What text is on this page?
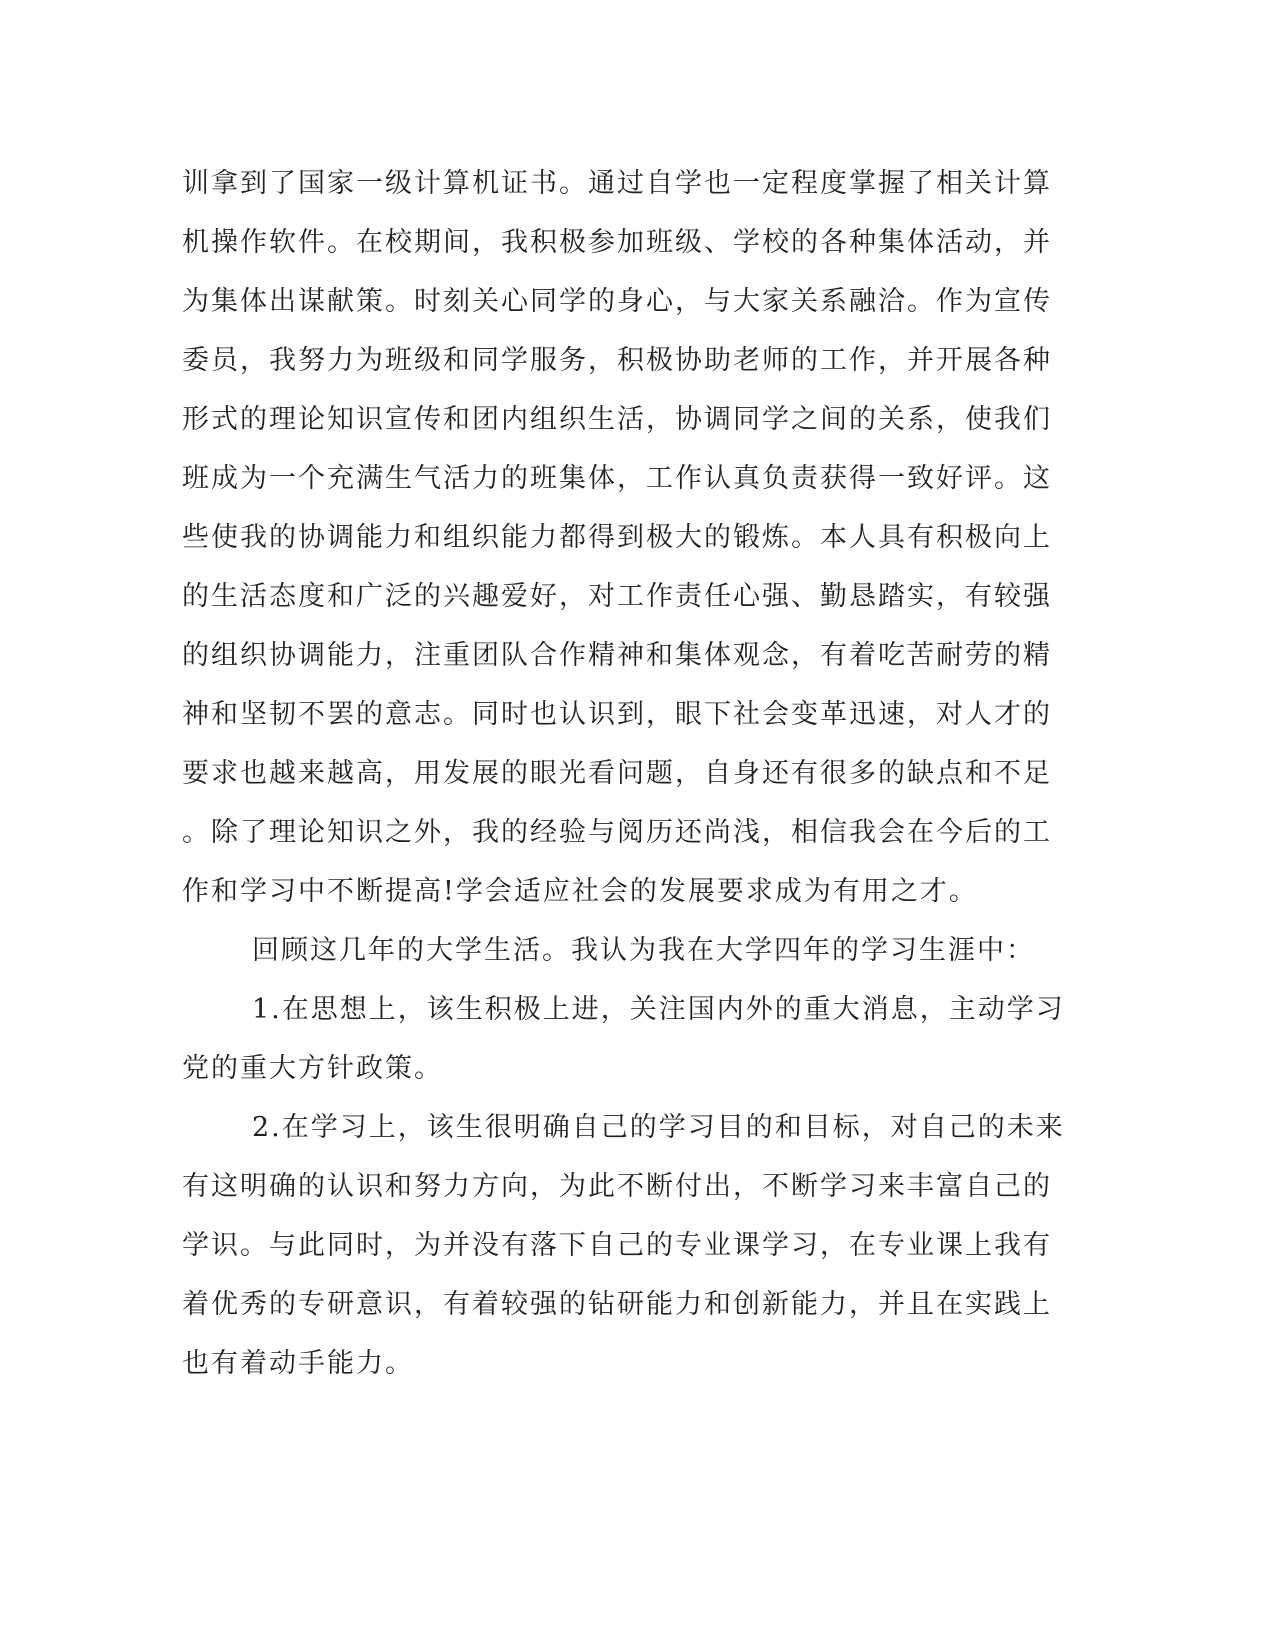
训拿到了国家一级计算机证书。通过自学也一定程度掌握了相关计算
机操作软件。在校期间，我积极参加班级、学校的各种集体活动，并
为集体出谋献策。时刻关心同学的身心，与大家关系融洽。作为宣传
委员，我努力为班级和同学服务，积极协助老师的工作，并开展各种
形式的理论知识宣传和团内组织生活，协调同学之间的关系，使我们
班成为一个充满生气活力的班集体，工作认真负责获得一致好评。这
些使我的协调能力和组织能力都得到极大的锻炼。本人具有积极向上
的生活态度和广泛的兴趣爱好，对工作责任心强、勤恳踏实，有较强
的组织协调能力，注重团队合作精神和集体观念，有着吃苦耐劳的精
神和坚韧不罢的意志。同时也认识到，眼下社会变革迅速，对人才的
要求也越来越高，用发展的眼光看问题，自身还有很多的缺点和不足
。除了理论知识之外，我的经验与阅历还尚浅，相信我会在今后的工
作和学习中不断提高!学会适应社会的发展要求成为有用之才。
回顾这几年的大学生活。我认为我在大学四年的学习生涯中：
1.在思想上，该生积极上进，关注国内外的重大消息，主动学习
党的重大方针政策。
2.在学习上，该生很明确自己的学习目的和目标，对自己的未来
有这明确的认识和努力方向，为此不断付出，不断学习来丰富自己的
学识。与此同时，为并没有落下自己的专业课学习，在专业课上我有
着优秀的专研意识，有着较强的钻研能力和创新能力，并且在实践上
也有着动手能力。
